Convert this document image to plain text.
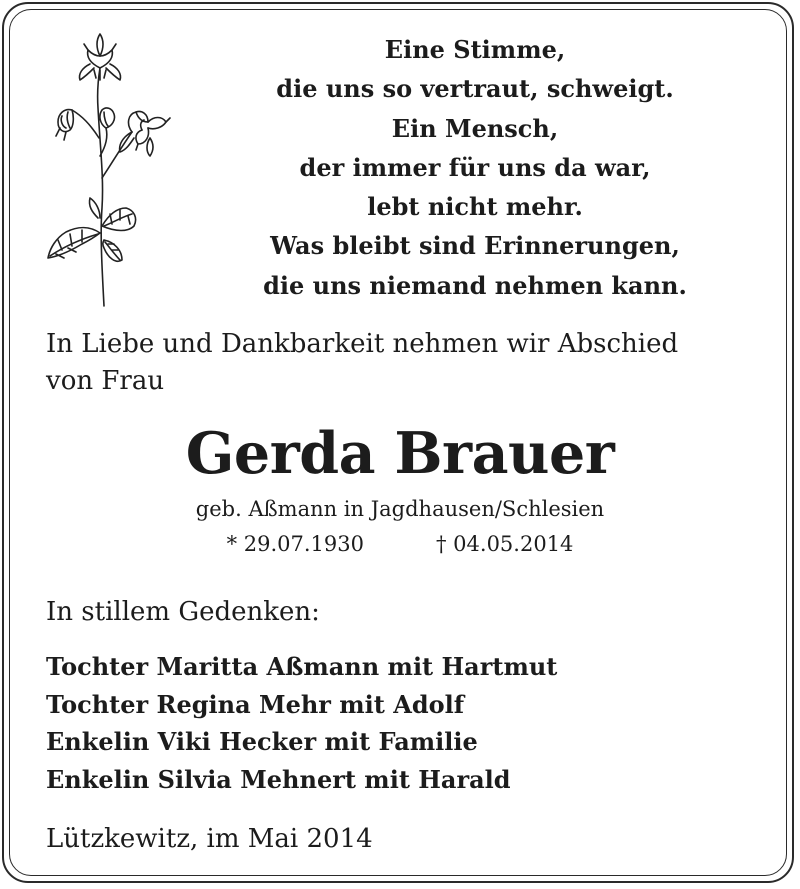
Eine Stimme,
die uns so vertraut, schweigt.
Ein Mensch,
der immer für uns da war,
lebt nicht mehr.
Was bleibt sind Erinnerungen,
die uns niemand nehmen kann.
In Liebe und Dankbarkeit nehmen wir Abschied
von Frau
Gerda Brauer
geb. Aßmann in Jagdhausen/Schlesien
* 29.07.1930	† 04.05.2014
In stillem Gedenken:
Tochter Maritta Aßmann mit Hartmut
Tochter Regina Mehr mit Adolf
Enkelin Viki Hecker mit Familie
Enkelin Silvia Mehnert mit Harald
Lützkewitz, im Mai 2014
